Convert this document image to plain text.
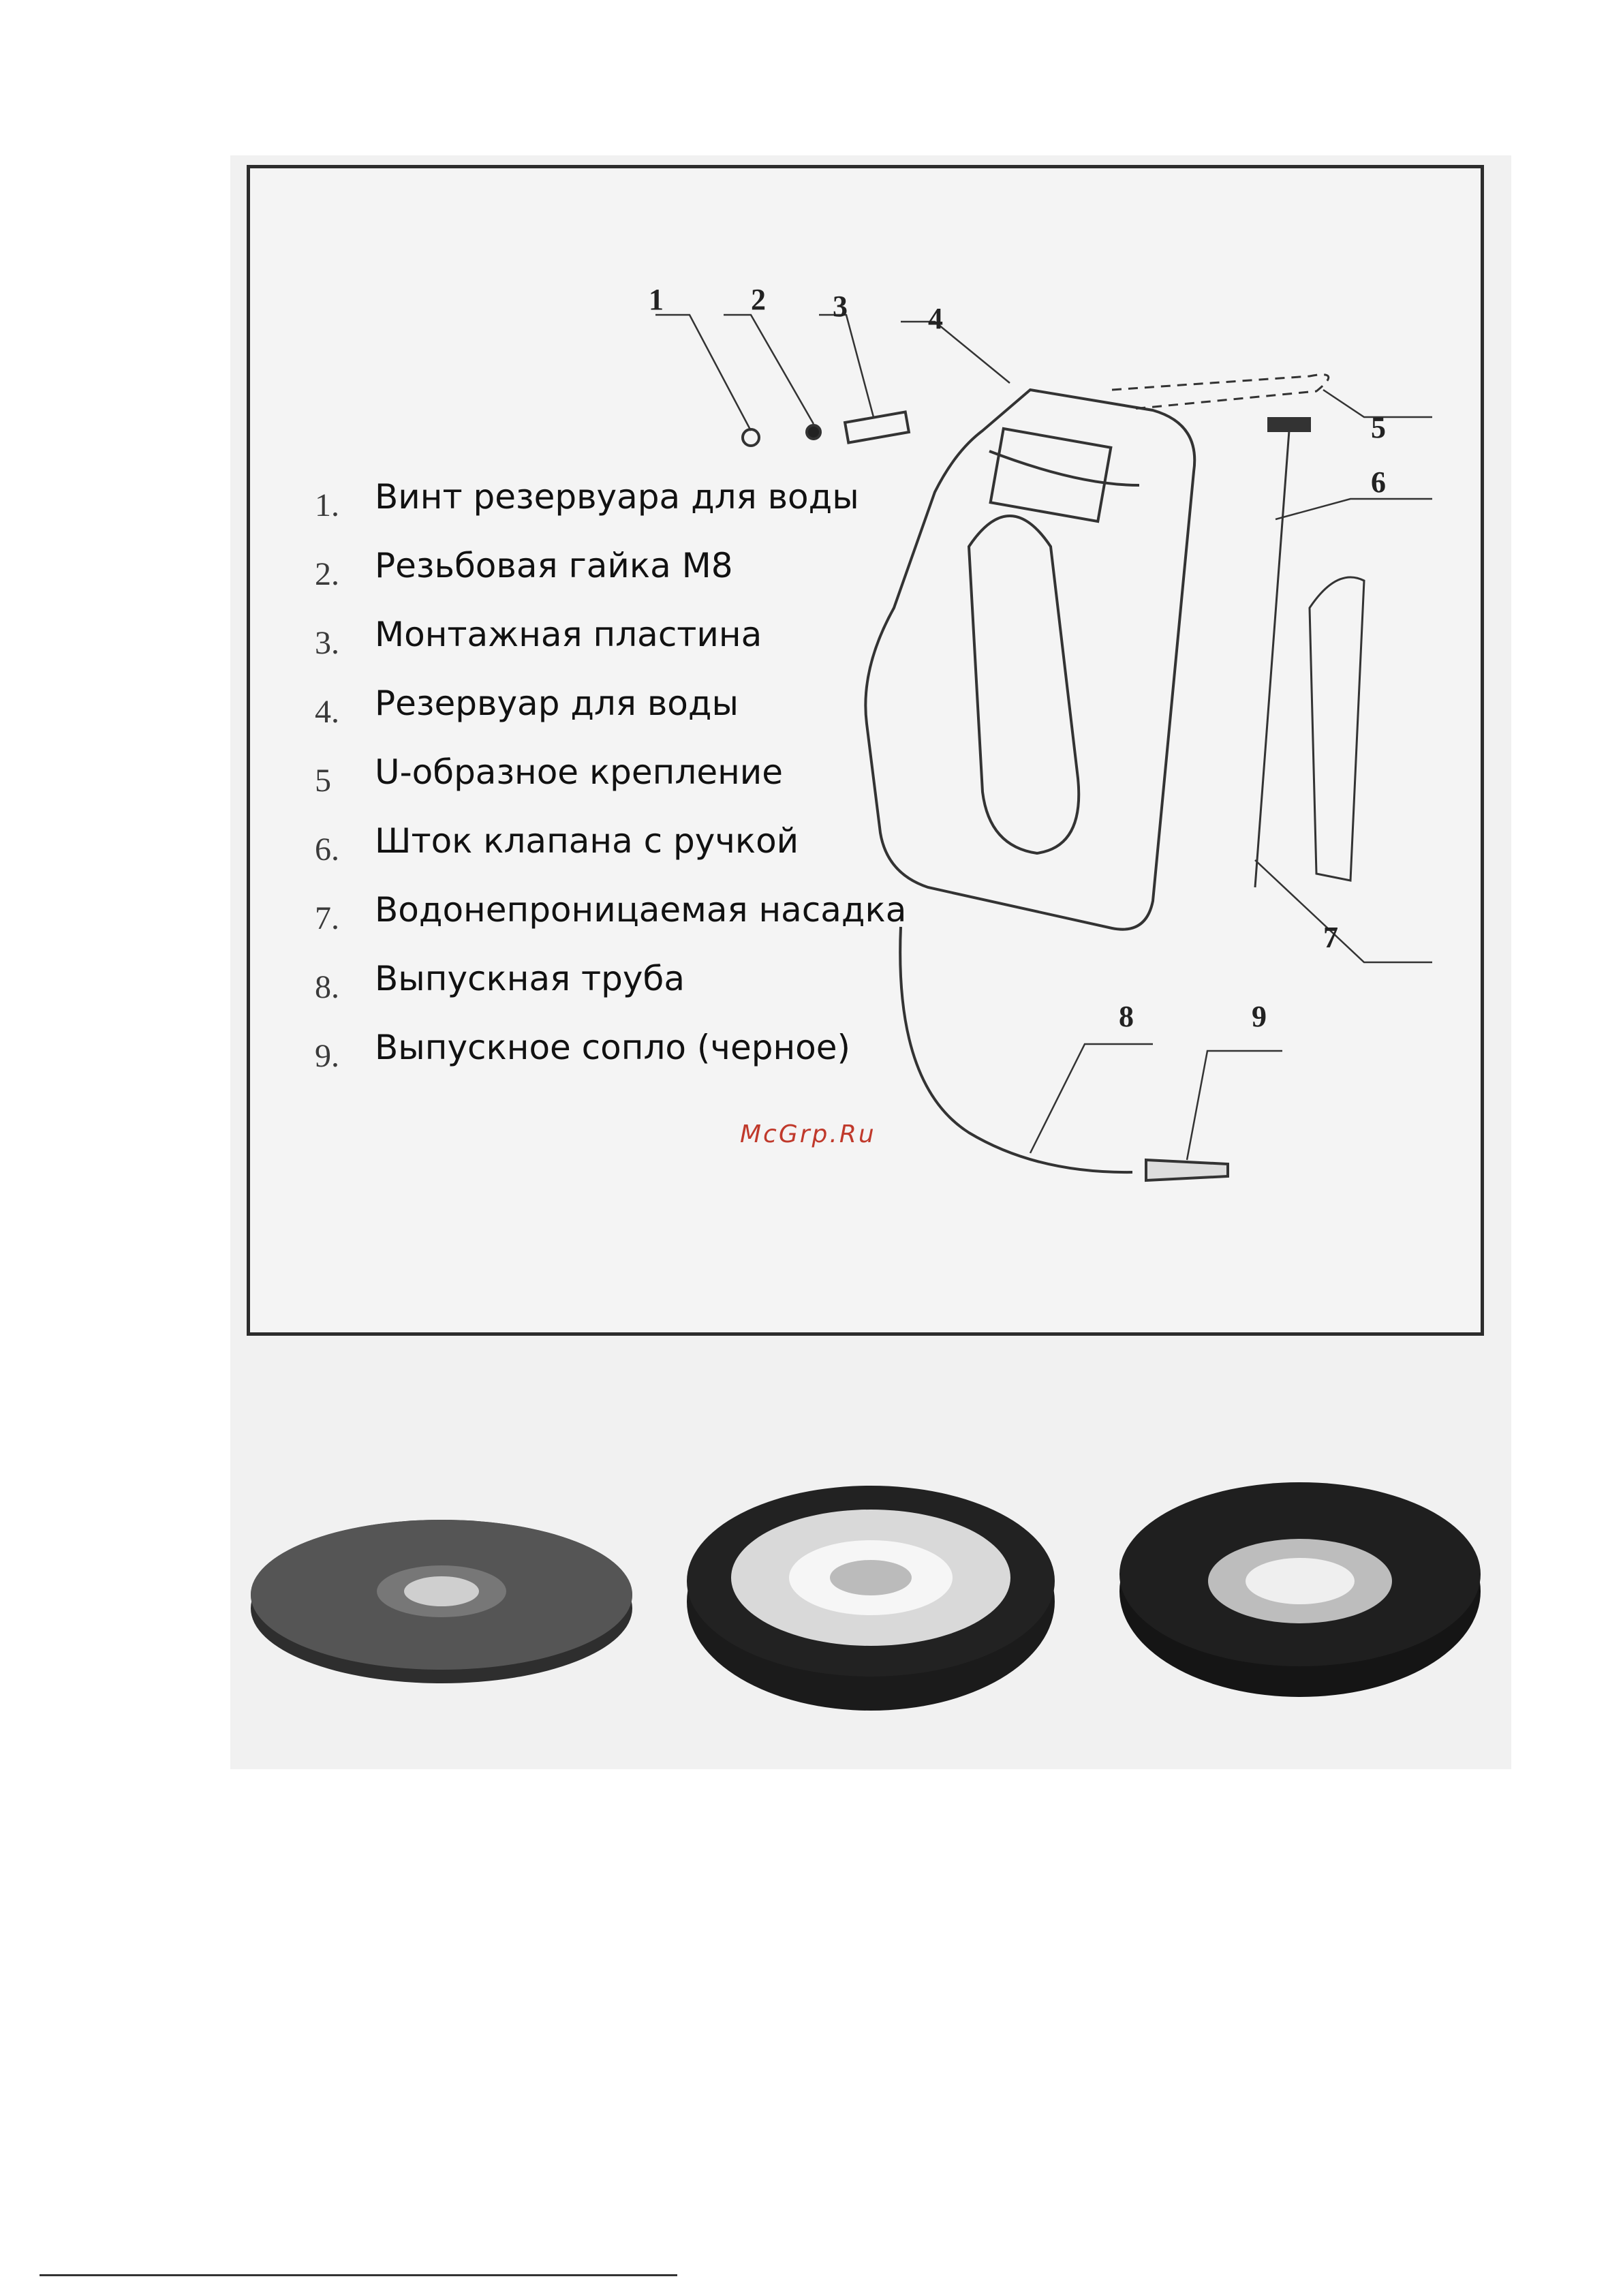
1	2 3	4
5
6
7
8	9
1. Винт резервуара для воды
2. Резьбовая гайка М8
3. Монтажная пластина
4. Резервуар для воды
5 U-образное крепление
6. Шток клапана с ручкой
7. Водонепроницаемая насадка
8. Выпускная труба
9. Выпускное сопло (черное)
McGrp.Ru
